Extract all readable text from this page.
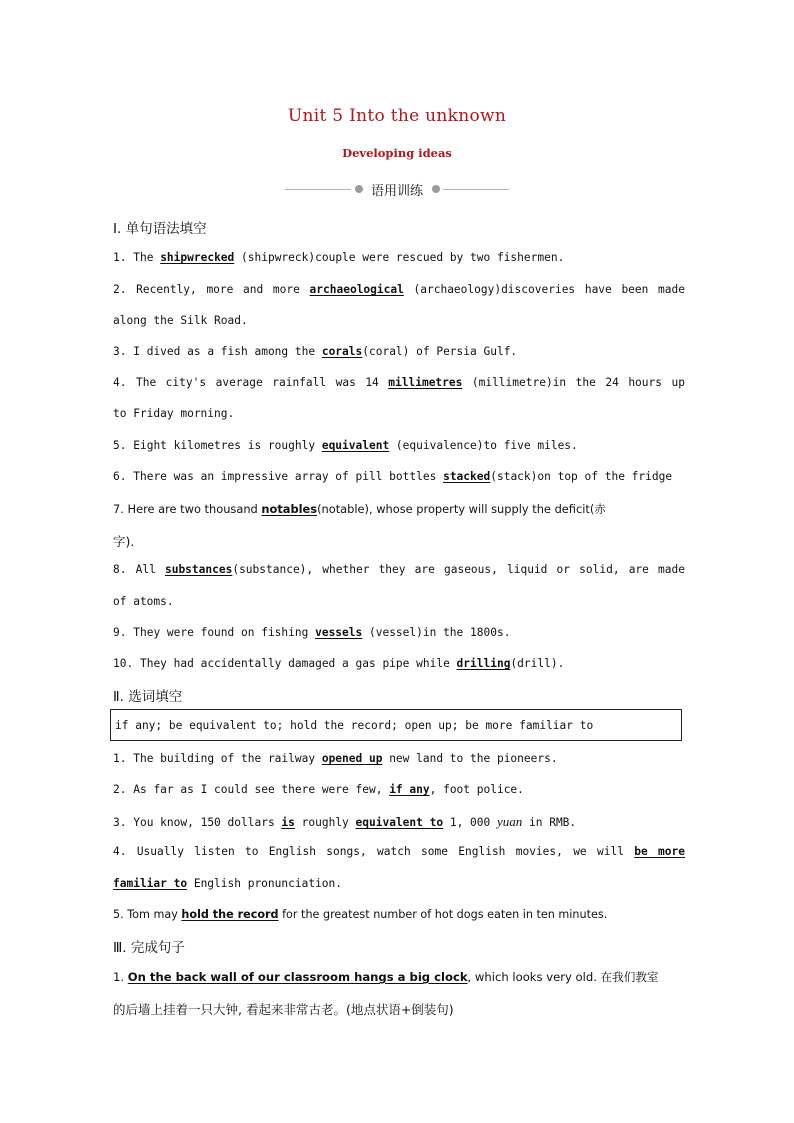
Unit 5 Into the unknown
Developing ideas
语用训练
Ⅰ. 单句语法填空
1. The shipwrecked (shipwreck)couple were rescued by two fishermen.
2. Recently, more and more archaeological (archaeology)discoveries have been made
along the Silk Road.
3. I dived as a fish among the corals(coral) of Persia Gulf.
4. The city's average rainfall was 14 millimetres (millimetre)in the 24 hours up
to Friday morning.
5. Eight kilometres is roughly equivalent (equivalence)to five miles.
6. There was an impressive array of pill bottles stacked(stack)on top of the fridge
7. Here are two thousand notables(notable), whose property will supply the deficit(赤
字).
8. All substances(substance), whether they are gaseous, liquid or solid, are made
of atoms.
9. They were found on fishing vessels (vessel)in the 1800s.
10. They had accidentally damaged a gas pipe while drilling(drill).
Ⅱ. 选词填空
if any; be equivalent to; hold the record; open up; be more familiar to
1. The building of the railway opened up new land to the pioneers.
2. As far as I could see there were few, if any, foot police.
3. You know, 150 dollars is roughly equivalent to 1, 000 yuan in RMB.
4. Usually listen to English songs, watch some English movies, we will be more
familiar to English pronunciation.
5. Tom may hold the record for the greatest number of hot dogs eaten in ten minutes.
Ⅲ. 完成句子
1. On the back wall of our classroom hangs a big clock, which looks very old. 在我们教室
的后墙上挂着一只大钟, 看起来非常古老。(地点状语+倒装句)
